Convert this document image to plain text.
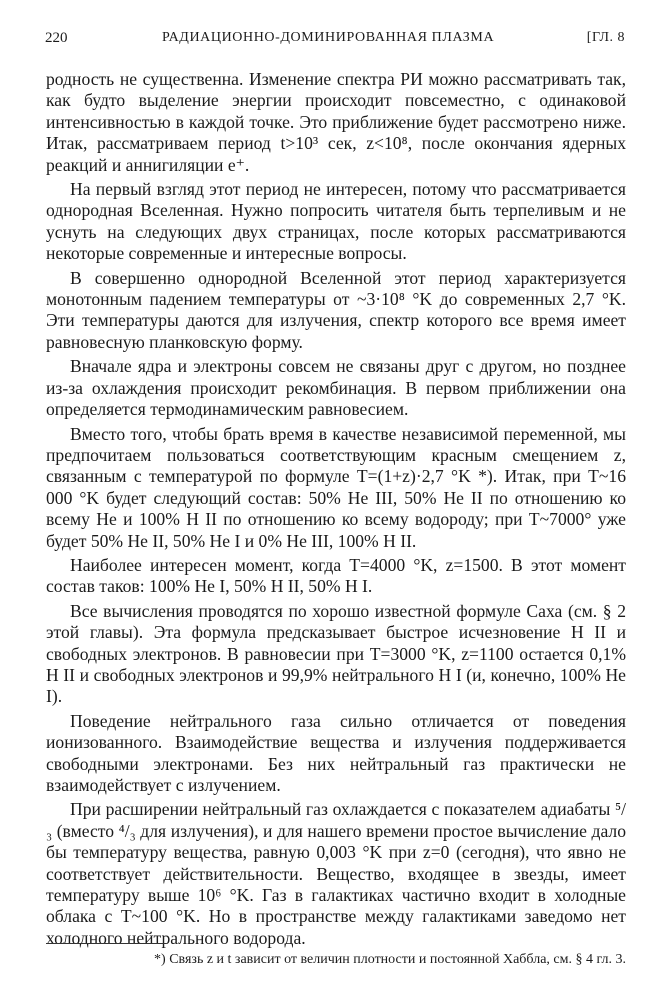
220	РАДИАЦИОННО-ДОМИНИРОВАННАЯ ПЛАЗМА	[ГЛ. 8

родность не существенна. Изменение спектра РИ можно рассматривать так, как будто выделение энергии происходит повсеместно, с одинаковой интенсивностью в каждой точке. Это приближение будет рассмотрено ниже. Итак, рассматриваем период t>10³ сек, z<10⁸, после окончания ядерных реакций и аннигиляции e⁺.

На первый взгляд этот период не интересен, потому что рассматривается однородная Вселенная. Нужно попросить читателя быть терпеливым и не уснуть на следующих двух страницах, после которых рассматриваются некоторые современные и интересные вопросы.

В совершенно однородной Вселенной этот период характеризуется монотонным падением температуры от ~3·10⁸ °K до современных 2,7 °K. Эти температуры даются для излучения, спектр которого все время имеет равновесную планковскую форму.

Вначале ядра и электроны совсем не связаны друг с другом, но позднее из-за охлаждения происходит рекомбинация. В первом приближении она определяется термодинамическим равновесием.

Вместо того, чтобы брать время в качестве независимой переменной, мы предпочитаем пользоваться соответствующим красным смещением z, связанным с температурой по формуле T=(1+z)·2,7 °K *). Итак, при T~16 000 °K будет следующий состав: 50% He III, 50% He II по отношению ко всему He и 100% H II по отношению ко всему водороду; при T~7000° уже будет 50% He II, 50% He I и 0% He III, 100% H II.

Наиболее интересен момент, когда T=4000 °K, z=1500. В этот момент состав таков: 100% He I, 50% H II, 50% H I.

Все вычисления проводятся по хорошо известной формуле Саха (см. § 2 этой главы). Эта формула предсказывает быстрое исчезновение H II и свободных электронов. В равновесии при T=3000 °K, z=1100 остается 0,1% H II и свободных электронов и 99,9% нейтрального H I (и, конечно, 100% He I).

Поведение нейтрального газа сильно отличается от поведения ионизованного. Взаимодействие вещества и излучения поддерживается свободными электронами. Без них нейтральный газ практически не взаимодействует с излучением.

При расширении нейтральный газ охлаждается с показателем адиабаты ⁵/₃ (вместо ⁴/₃ для излучения), и для нашего времени простое вычисление дало бы температуру вещества, равную 0,003 °K при z=0 (сегодня), что явно не соответствует действительности. Вещество, входящее в звезды, имеет температуру выше 10⁶ °K. Газ в галактиках частично входит в холодные облака с T~100 °K. Но в пространстве между галактиками заведомо нет холодного нейтрального водорода.

*) Связь z и t зависит от величин плотности и постоянной Хаббла, см. § 4 гл. 3.
